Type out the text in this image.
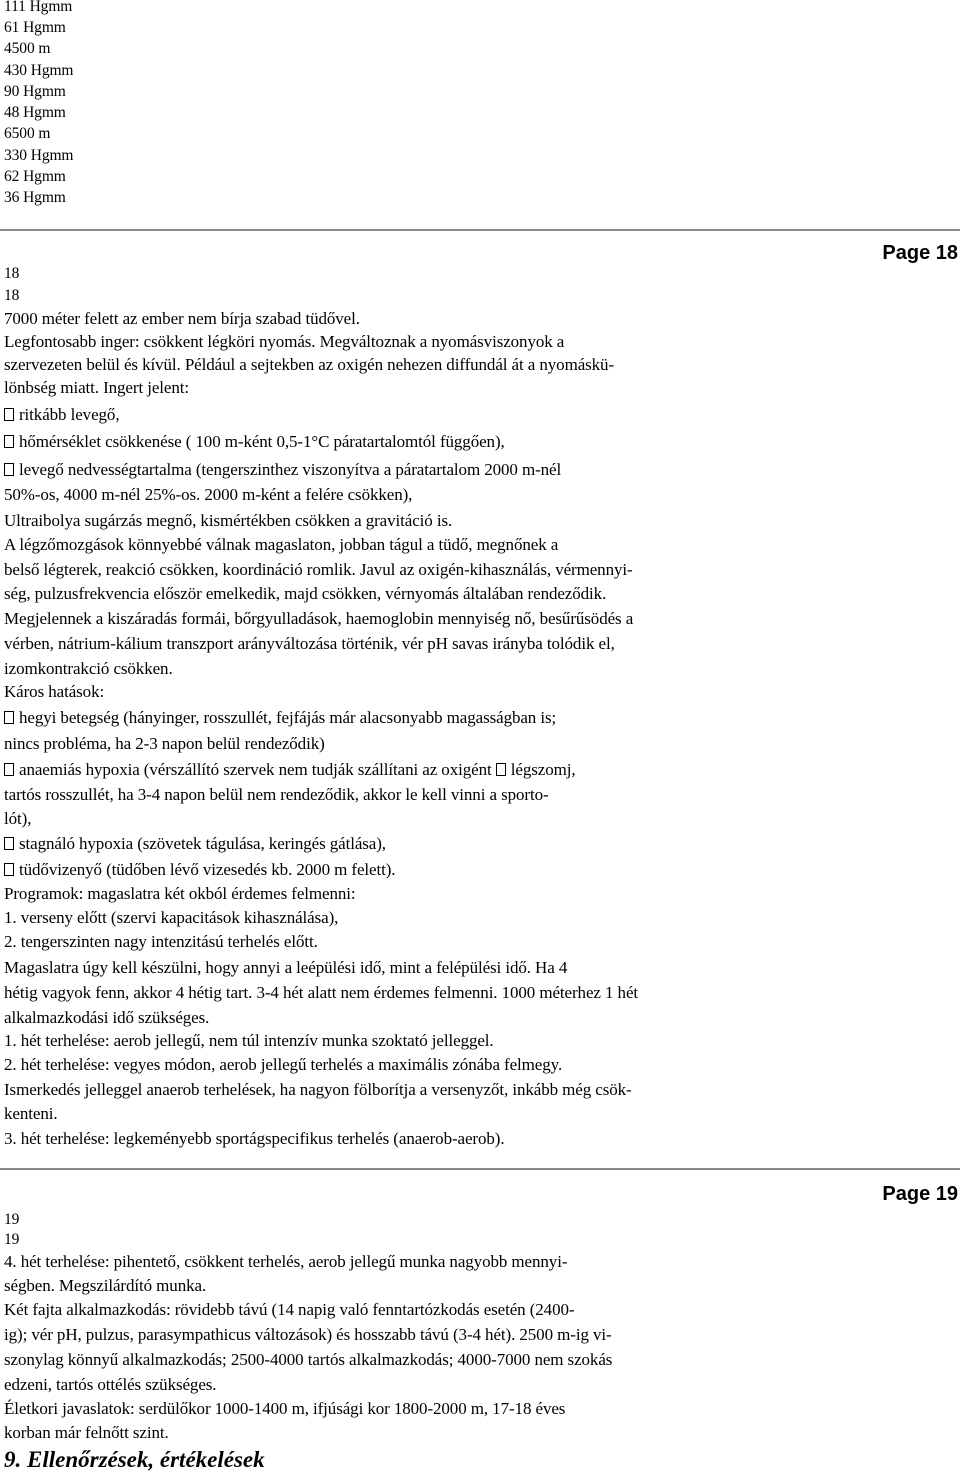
111 Hgmm
61 Hgmm
4500 m
430 Hgmm
90 Hgmm
48 Hgmm
6500 m
330 Hgmm
62 Hgmm
36 Hgmm
Page 18
18
18
7000 méter felett az ember nem bírja szabad tüdővel.
Legfontosabb inger: csökkent légköri nyomás. Megváltoznak a nyomásviszonyok a
szervezeten belül és kívül. Például a sejtekben az oxigén nehezen diffundál át a nyomáskü-
lönbség miatt. Ingert jelent:
ritkább levegő,
hőmérséklet csökkenése ( 100 m-ként 0,5-1°C páratartalomtól függően),
levegő nedvességtartalma (tengerszinthez viszonyítva a páratartalom 2000 m-nél
50%-os, 4000 m-nél 25%-os. 2000 m-ként a felére csökken),
Ultraibolya sugárzás megnő, kismértékben csökken a gravitáció is.
A légzőmozgások könnyebbé válnak magaslaton, jobban tágul a tüdő, megnőnek a
belső légterek, reakció csökken, koordináció romlik. Javul az oxigén-kihasználás, vérmennyi-
ség, pulzusfrekvencia először emelkedik, majd csökken, vérnyomás általában rendeződik.
Megjelennek a kiszáradás formái, bőrgyulladások, haemoglobin mennyiség nő, besűrűsödés a
vérben, nátrium-kálium transzport arányváltozása történik, vér pH savas irányba tolódik el,
izomkontrakció csökken.
Káros hatások:
hegyi betegség (hányinger, rosszullét, fejfájás már alacsonyabb magasságban is;
nincs probléma, ha 2-3 napon belül rendeződik)
anaemiás hypoxia (vérszállító szervek nem tudják szállítani az oxigént légszomj,
tartós rosszullét, ha 3-4 napon belül nem rendeződik, akkor le kell vinni a sporto-
lót),
stagnáló hypoxia (szövetek tágulása, keringés gátlása),
tüdővizenyő (tüdőben lévő vizesedés kb. 2000 m felett).
Programok: magaslatra két okból érdemes felmenni:
1. verseny előtt (szervi kapacitások kihasználása),
2. tengerszinten nagy intenzitású terhelés előtt.
Magaslatra úgy kell készülni, hogy annyi a leépülési idő, mint a felépülési idő. Ha 4
hétig vagyok fenn, akkor 4 hétig tart. 3-4 hét alatt nem érdemes felmenni. 1000 méterhez 1 hét
alkalmazkodási idő szükséges.
1. hét terhelése: aerob jellegű, nem túl intenzív munka szoktató jelleggel.
2. hét terhelése: vegyes módon, aerob jellegű terhelés a maximális zónába felmegy.
Ismerkedés jelleggel anaerob terhelések, ha nagyon fölborítja a versenyzőt, inkább még csök-
kenteni.
3. hét terhelése: legkeményebb sportágspecifikus terhelés (anaerob-aerob).
Page 19
19
19
4. hét terhelése: pihentető, csökkent terhelés, aerob jellegű munka nagyobb mennyi-
ségben. Megszilárdító munka.
Két fajta alkalmazkodás: rövidebb távú (14 napig való fenntartózkodás esetén (2400-
ig); vér pH, pulzus, parasympathicus változások) és hosszabb távú (3-4 hét). 2500 m-ig vi-
szonylag könnyű alkalmazkodás; 2500-4000 tartós alkalmazkodás; 4000-7000 nem szokás
edzeni, tartós ottélés szükséges.
Életkori javaslatok: serdülőkor 1000-1400 m, ifjúsági kor 1800-2000 m, 17-18 éves
korban már felnőtt szint.
9. Ellenőrzések, értékelések
